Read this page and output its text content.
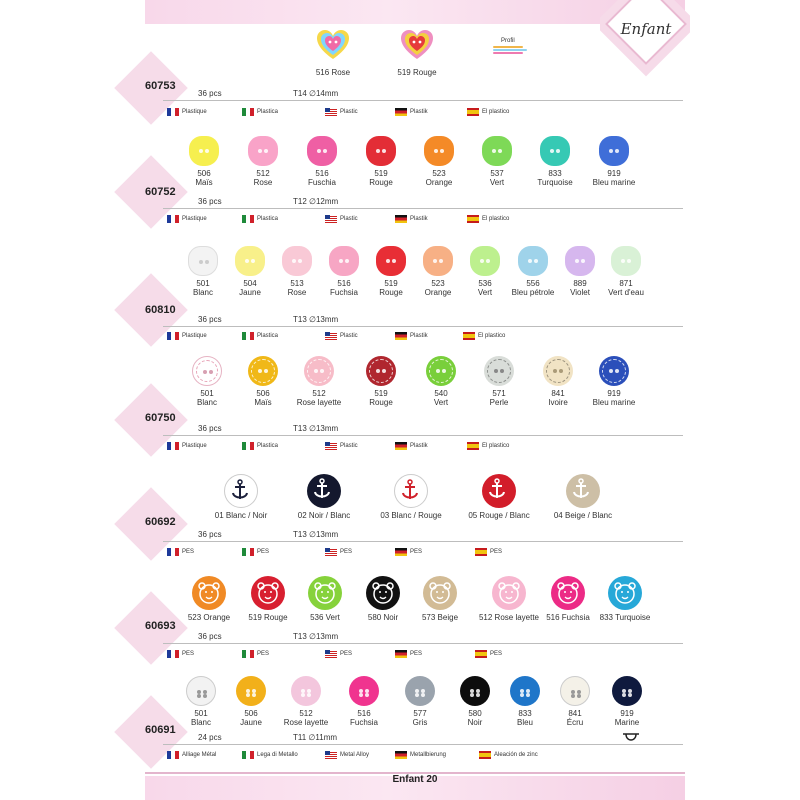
Enfant
60753
516 Rose	519 Rouge
Profil
36 pcs	T14 ∅14mm
Plastique	Plastica	Plastic	Plastik	El plastico
60752
506
Maïs
512
Rose
516
Fuschia
519
Rouge
523
Orange
537
Vert
833
Turquoise
919
Bleu marine
36 pcs	T12 ∅12mm
Plastique	Plastica	Plastic	Plastik	El plastico
60810
501
Blanc
504
Jaune
513
Rose
516
Fuchsia
519
Rouge
523
Orange
536
Vert
556
Bleu pétrole
889
Violet
871
Vert d'eau
36 pcs	T13 ∅13mm
Plastique	Plastica	Plastic	Plastik	El plastico
60750
501
Blanc
506
Maïs
512
Rose layette
519
Rouge
540
Vert
571
Perle
841
Ivoire
919
Bleu marine
36 pcs	T13 ∅13mm
Plastique	Plastica	Plastic	Plastik	El plastico
60692
01 Blanc / Noir	02 Noir / Blanc	03 Blanc / Rouge	05 Rouge / Blanc	04 Beige / Blanc
36 pcs	T13 ∅13mm
PES	PES	PES	PES	PES
60693
523 Orange	519 Rouge	536 Vert	580 Noir	573 Beige	512 Rose layette 516 Fuchsia	833 Turquoise
36 pcs	T13 ∅13mm
PES	PES	PES	PES	PES
60691
501
Blanc
506
Jaune
512
Rose layette
516
Fuchsia
577
Gris
580
Noir
833
Bleu
841
Écru
919
Marine
24 pcs	T11 ∅11mm
Alliage Métal	Lega di Metallo	Metal Alloy	Metallbierung	Aleación de zinc
Enfant 20
